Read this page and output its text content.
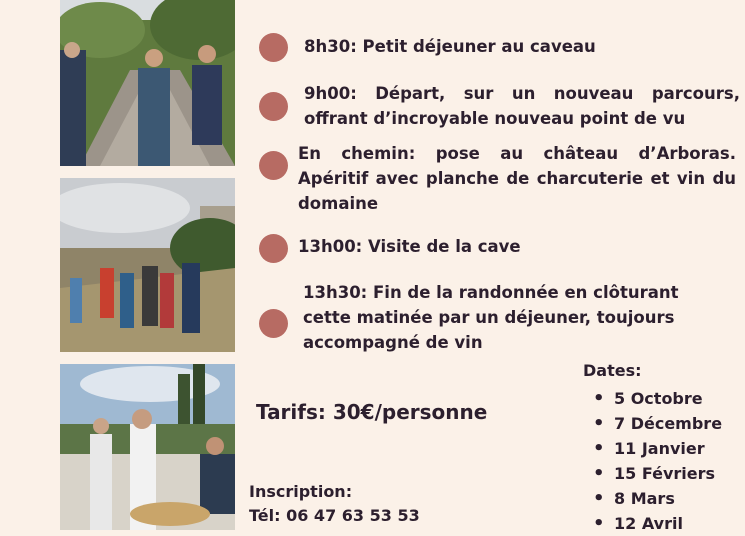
8h30: Petit déjeuner au caveau
9h00: Départ, sur un nouveau parcours, offrant d’incroyable nouveau point de vu
En chemin: pose au château d’Arboras. Apéritif avec planche de charcuterie et vin du domaine
13h00: Visite de la cave
13h30: Fin de la randonnée en clôturant cette matinée par un déjeuner, toujours accompagné de vin
Tarifs: 30€/personne
Inscription:
Tél: 06 47 63 53 53
Dates:
• 5 Octobre
• 7 Décembre
• 11 Janvier
• 15 Févriers
• 8 Mars
• 12 Avril
